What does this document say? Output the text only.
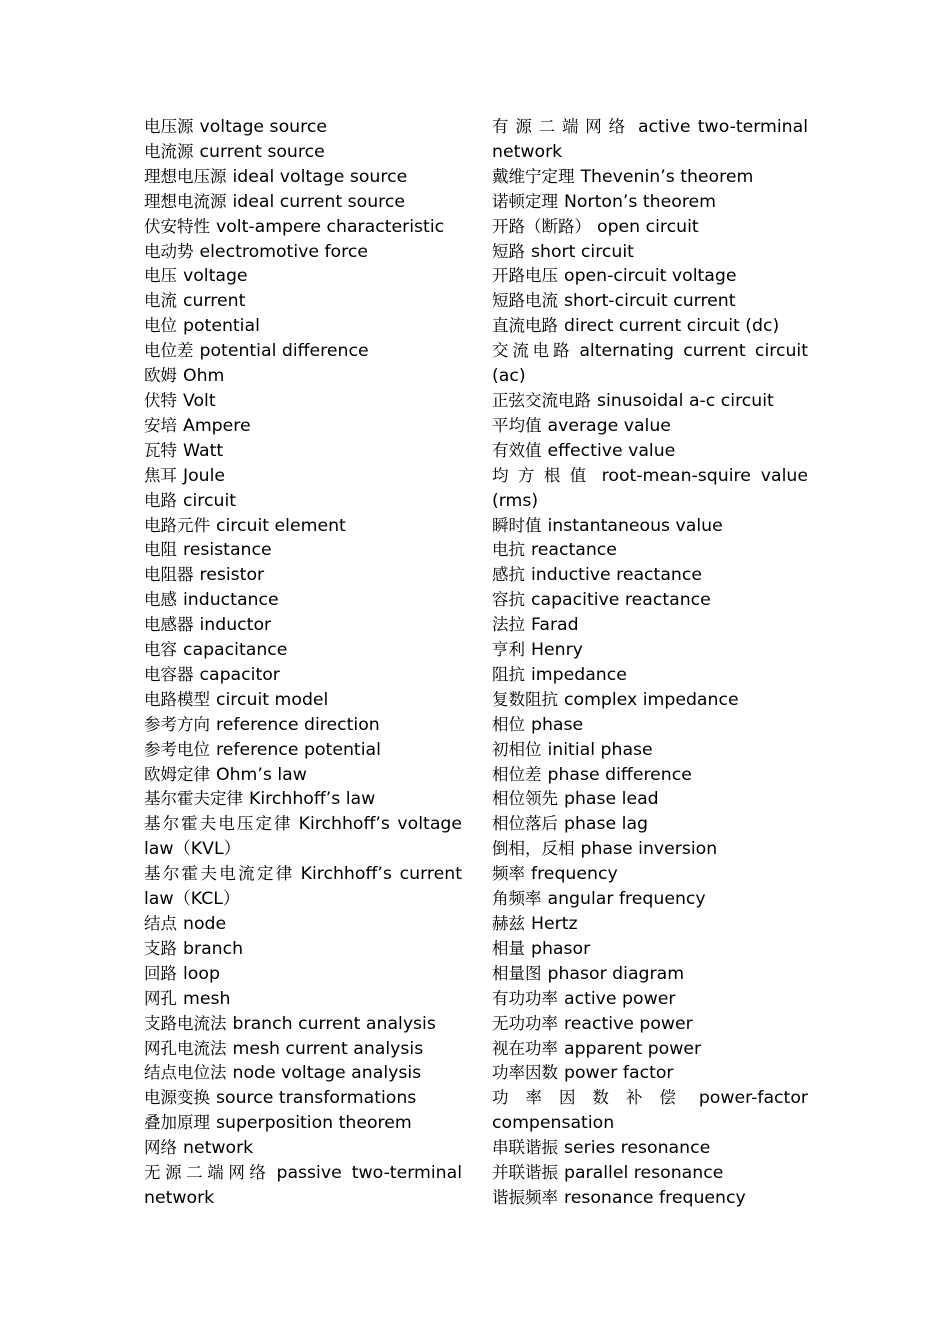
电压源 voltage source

电流源 current source

理想电压源 ideal voltage source

理想电流源 ideal current source

伏安特性 volt-ampere characteristic

电动势 electromotive force

电压 voltage

电流 current

电位 potential

电位差 potential difference

欧姆 Ohm

伏特 Volt

安培 Ampere

瓦特 Watt

焦耳 Joule

电路 circuit

电路元件 circuit element

电阻 resistance

电阻器 resistor

电感 inductance

电感器 inductor

电容 capacitance

电容器 capacitor

电路模型 circuit model

参考方向 reference direction

参考电位 reference potential

欧姆定律 Ohm’s law

基尔霍夫定律 Kirchhoff’s law

基尔霍夫电压定律 Kirchhoff’s voltage law（KVL）

基尔霍夫电流定律 Kirchhoff’s current law（KCL）

结点 node

支路 branch

回路 loop

网孔 mesh

支路电流法 branch current analysis

网孔电流法 mesh current analysis

结点电位法 node voltage analysis

电源变换 source transformations

叠加原理 superposition theorem

网络 network

无源二端网络 passive two-terminal network

有源二端网络 active two-terminal network

戴维宁定理 Thevenin’s theorem

诺顿定理 Norton’s theorem

开路（断路） open circuit

短路 short circuit

开路电压 open-circuit voltage

短路电流 short-circuit current

直流电路 direct current circuit (dc)

交流电路 alternating current circuit (ac)

正弦交流电路 sinusoidal a-c circuit

平均值 average value

有效值 effective value

均方根值 root-mean-squire value (rms)

瞬时值 instantaneous value

电抗 reactance

感抗 inductive reactance

容抗 capacitive reactance

法拉 Farad

亨利 Henry

阻抗 impedance

复数阻抗 complex impedance

相位 phase

初相位 initial phase

相位差 phase difference

相位领先 phase lead

相位落后 phase lag

倒相，反相 phase inversion

频率 frequency

角频率 angular frequency

赫兹 Hertz

相量 phasor

相量图 phasor diagram

有功功率 active power

无功功率 reactive power

视在功率 apparent power

功率因数 power factor

功率因数补偿 power-factor compensation

串联谐振 series resonance

并联谐振 parallel resonance

谐振频率 resonance frequency
